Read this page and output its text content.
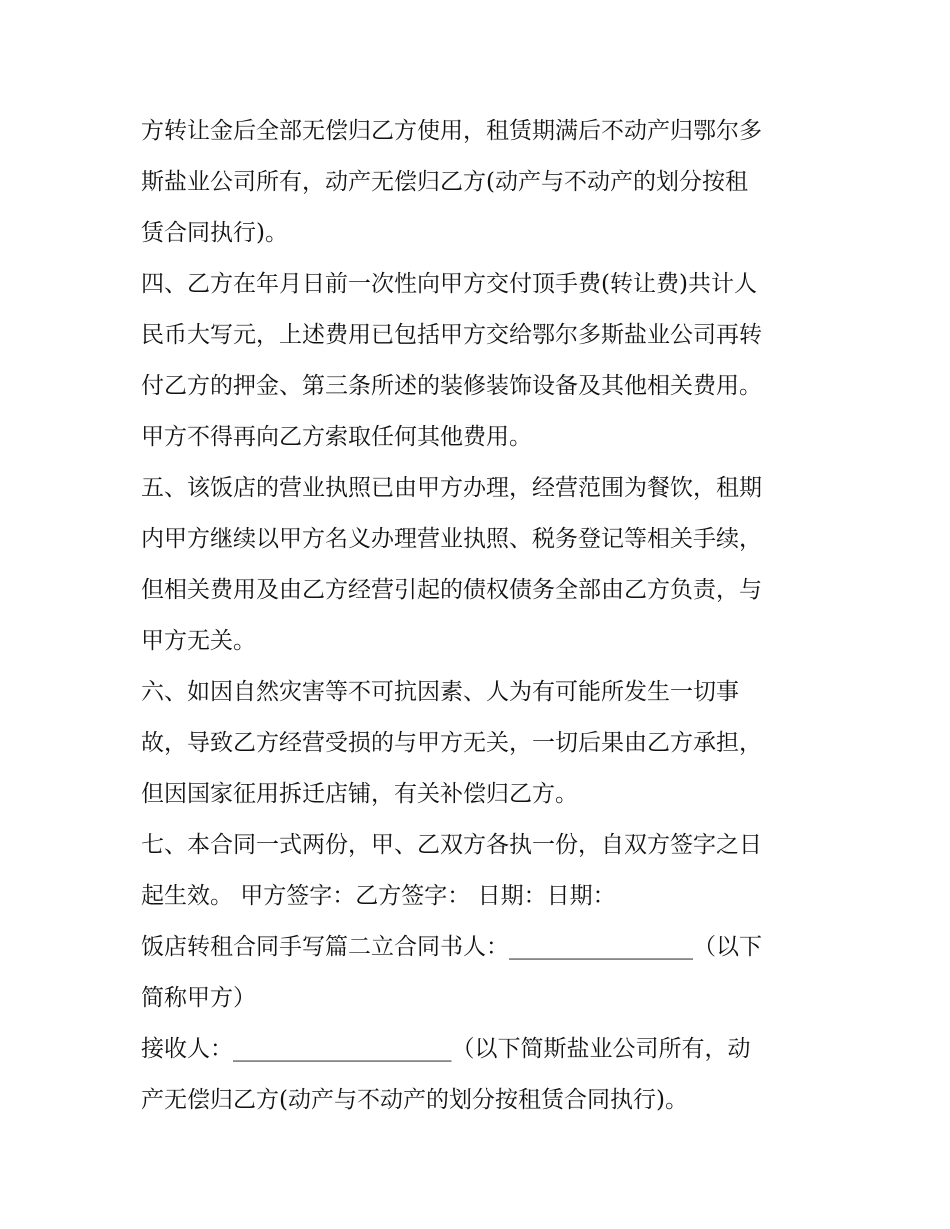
方转让金后全部无偿归乙方使用，租赁期满后不动产归鄂尔多
斯盐业公司所有，动产无偿归乙方(动产与不动产的划分按租
赁合同执行)。
四、乙方在年月日前一次性向甲方交付顶手费(转让费)共计人
民币大写元，上述费用已包括甲方交给鄂尔多斯盐业公司再转
付乙方的押金、第三条所述的装修装饰设备及其他相关费用。
甲方不得再向乙方索取任何其他费用。
五、该饭店的营业执照已由甲方办理，经营范围为餐饮，租期
内甲方继续以甲方名义办理营业执照、税务登记等相关手续，
但相关费用及由乙方经营引起的债权债务全部由乙方负责，与
甲方无关。
六、如因自然灾害等不可抗因素、人为有可能所发生一切事
故，导致乙方经营受损的与甲方无关，一切后果由乙方承担，
但因国家征用拆迁店铺，有关补偿归乙方。
七、本合同一式两份，甲、乙双方各执一份，自双方签字之日
起生效。 甲方签字：乙方签字： 日期：日期：
饭店转租合同手写篇二立合同书人：________________（以下
简称甲方）
接收人：___________________（以下简斯盐业公司所有，动
产无偿归乙方(动产与不动产的划分按租赁合同执行)。
